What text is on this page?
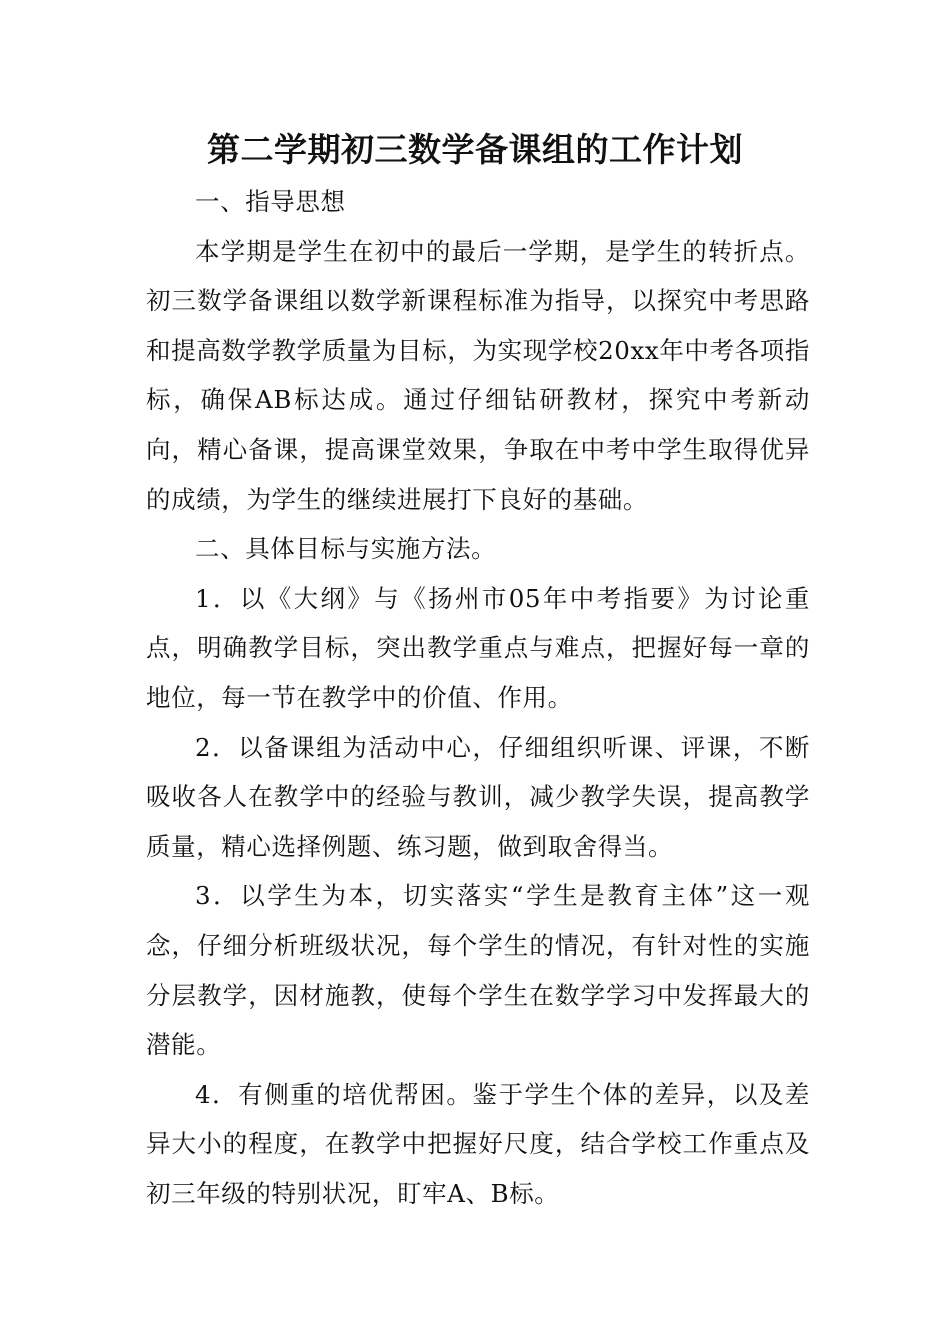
第二学期初三数学备课组的工作计划

一、指导思想

本学期是学生在初中的最后一学期，是学生的转折点。初三数学备课组以数学新课程标准为指导，以探究中考思路和提高数学教学质量为目标，为实现学校20xx年中考各项指标，确保AB标达成。通过仔细钻研教材，探究中考新动向，精心备课，提高课堂效果，争取在中考中学生取得优异的成绩，为学生的继续进展打下良好的基础。

二、具体目标与实施方法。

1．以《大纲》与《扬州市05年中考指要》为讨论重点，明确教学目标，突出教学重点与难点，把握好每一章的地位，每一节在教学中的价值、作用。

2．以备课组为活动中心，仔细组织听课、评课，不断吸收各人在教学中的经验与教训，减少教学失误，提高教学质量，精心选择例题、练习题，做到取舍得当。

3．以学生为本，切实落实“学生是教育主体”这一观念，仔细分析班级状况，每个学生的情况，有针对性的实施分层教学，因材施教，使每个学生在数学学习中发挥最大的潜能。

4．有侧重的培优帮困。鉴于学生个体的差异，以及差异大小的程度，在教学中把握好尺度，结合学校工作重点及初三年级的特别状况，盯牢A、B标。
